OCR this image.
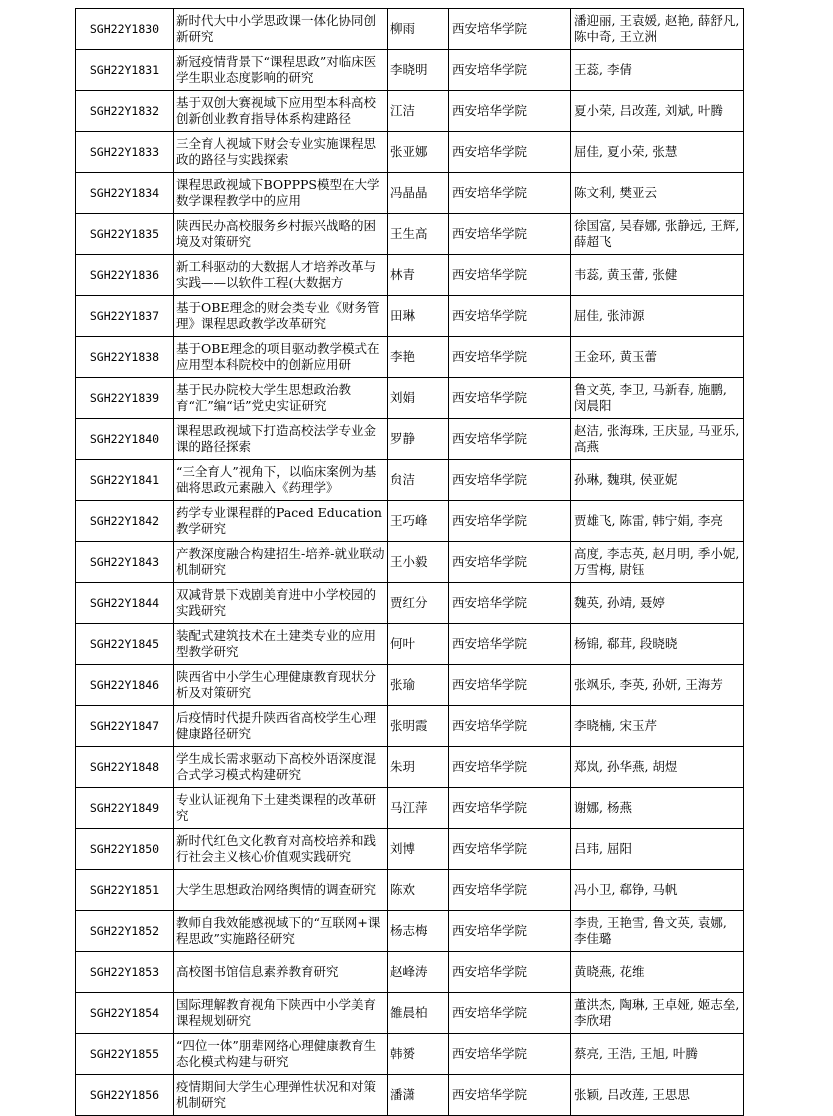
SGH22Y1830	新时代大中小学思政课一体化协同创新研究	柳雨	西安培华学院	潘迎丽, 王袁媛, 赵艳, 薛舒凡, 陈中奇, 王立洲

SGH22Y1831	新冠疫情背景下“课程思政”对临床医学生职业态度影响的研究	李晓明	西安培华学院	王蕊, 李倩

SGH22Y1832	基于双创大赛视域下应用型本科高校创新创业教育指导体系构建路径	江洁	西安培华学院	夏小荣, 吕改莲, 刘斌, 叶腾

SGH22Y1833	三全育人视域下财会专业实施课程思政的路径与实践探索	张亚娜	西安培华学院	屈佳, 夏小荣, 张慧

SGH22Y1834	课程思政视域下BOPPPS模型在大学数学课程教学中的应用	冯晶晶	西安培华学院	陈文利, 樊亚云

SGH22Y1835	陕西民办高校服务乡村振兴战略的困境及对策研究	王生高	西安培华学院	徐国富, 吴春娜, 张静远, 王辉, 薛超飞

SGH22Y1836	新工科驱动的大数据人才培养改革与实践——以软件工程(大数据方	林青	西安培华学院	韦蕊, 黄玉蕾, 张健

SGH22Y1837	基于OBE理念的财会类专业《财务管理》课程思政教学改革研究	田琳	西安培华学院	屈佳, 张沛源

SGH22Y1838	基于OBE理念的项目驱动教学模式在应用型本科院校中的创新应用研	李艳	西安培华学院	王金环, 黄玉蕾

SGH22Y1839	基于民办院校大学生思想政治教育“汇”编“话”党史实证研究	刘娟	西安培华学院	鲁文英, 李卫, 马新春, 施鹏, 闵晨阳

SGH22Y1840	课程思政视域下打造高校法学专业金课的路径探索	罗静	西安培华学院	赵洁, 张海珠, 王庆显, 马亚乐, 高燕

SGH22Y1841	“三全育人”视角下，以临床案例为基础将思政元素融入《药理学》	贠洁	西安培华学院	孙琳, 魏琪, 侯亚妮

SGH22Y1842	药学专业课程群的Paced Education教学研究	王巧峰	西安培华学院	贾雄飞, 陈雷, 韩宁娟, 李亮

SGH22Y1843	产教深度融合构建招生-培养-就业联动机制研究	王小毅	西安培华学院	高度, 李志英, 赵月明, 季小妮, 万雪梅, 尉钰

SGH22Y1844	双减背景下戏剧美育进中小学校园的实践研究	贾红分	西安培华学院	魏英, 孙靖, 聂婷

SGH22Y1845	装配式建筑技术在土建类专业的应用型教学研究	何叶	西安培华学院	杨锦, 郗茸, 段晓晓

SGH22Y1846	陕西省中小学生心理健康教育现状分析及对策研究	张瑜	西安培华学院	张飒乐, 李英, 孙妍, 王海芳

SGH22Y1847	后疫情时代提升陕西省高校学生心理健康路径研究	张明霞	西安培华学院	李晓楠, 宋玉芹

SGH22Y1848	学生成长需求驱动下高校外语深度混合式学习模式构建研究	朱玥	西安培华学院	郑岚, 孙华燕, 胡煜

SGH22Y1849	专业认证视角下土建类课程的改革研究	马江萍	西安培华学院	谢娜, 杨燕

SGH22Y1850	新时代红色文化教育对高校培养和践行社会主义核心价值观实践研究	刘博	西安培华学院	吕玮, 屈阳

SGH22Y1851	大学生思想政治网络舆情的调查研究	陈欢	西安培华学院	冯小卫, 郗铮, 马帆

SGH22Y1852	教师自我效能感视域下的“互联网+课程思政”实施路径研究	杨志梅	西安培华学院	李贵, 王艳雪, 鲁文英, 袁娜, 李佳璐

SGH22Y1853	高校图书馆信息素养教育研究	赵峰涛	西安培华学院	黄晓燕, 花维

SGH22Y1854	国际理解教育视角下陕西中小学美育课程规划研究	雒晨柏	西安培华学院	董洪杰, 陶琳, 王卓娅, 姬志垒, 李欣珺

SGH22Y1855	“四位一体”朋辈网络心理健康教育生态化模式构建与研究	韩赟	西安培华学院	蔡亮, 王浩, 王旭, 叶腾

SGH22Y1856	疫情期间大学生心理弹性状况和对策机制研究	潘潇	西安培华学院	张颖, 吕改莲, 王思思
